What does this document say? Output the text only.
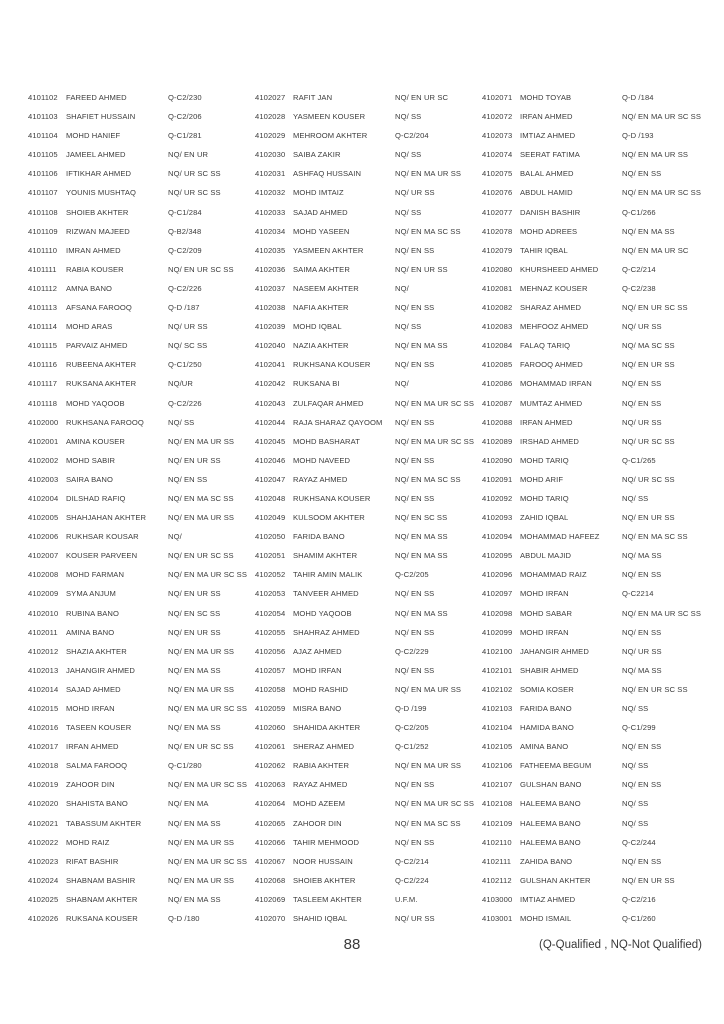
4101102	FAREED AHMED	Q-C2/230
4101103	SHAFIET HUSSAIN	Q-C2/206
4101104	MOHD HANIEF	Q-C1/281
4101105	JAMEEL AHMED	NQ/ EN UR
4101106	IFTIKHAR AHMED	NQ/ UR SC SS
4101107	YOUNIS MUSHTAQ	NQ/ UR SC SS
4101108	SHOIEB AKHTER	Q-C1/284
4101109	RIZWAN MAJEED	Q-B2/348
4101110	IMRAN AHMED	Q-C2/209
4101111	RABIA KOUSER	NQ/ EN UR SC SS
4101112	AMNA BANO	Q-C2/226
4101113	AFSANA FAROOQ	Q-D /187
4101114	MOHD ARAS	NQ/ UR SS
4101115	PARVAIZ AHMED	NQ/ SC SS
4101116	RUBEENA AKHTER	Q-C1/250
4101117	RUKSANA AKHTER	NQ/UR
4101118	MOHD YAQOOB	Q-C2/226
4102000	RUKHSANA FAROOQ	NQ/ SS
4102001	AMINA KOUSER	NQ/ EN MA UR SS
4102002	MOHD SABIR	NQ/ EN UR SS
4102003	SAIRA BANO	NQ/ EN SS
4102004	DILSHAD RAFIQ	NQ/ EN MA SC SS
4102005	SHAHJAHAN AKHTER	NQ/ EN MA UR SS
4102006	RUKHSAR KOUSAR	NQ/
4102007	KOUSER PARVEEN	NQ/ EN UR SC SS
4102008	MOHD FARMAN	NQ/ EN MA UR SC SS
4102009	SYMA ANJUM	NQ/ EN UR SS
4102010	RUBINA BANO	NQ/ EN SC SS
4102011	AMINA BANO	NQ/ EN UR SS
4102012	SHAZIA AKHTER	NQ/ EN MA UR SS
4102013	JAHANGIR AHMED	NQ/ EN MA SS
4102014	SAJAD AHMED	NQ/ EN MA UR SS
4102015	MOHD IRFAN	NQ/ EN MA UR SC SS
4102016	TASEEN KOUSER	NQ/ EN MA SS
4102017	IRFAN AHMED	NQ/ EN UR SC SS
4102018	SALMA FAROOQ	Q-C1/280
4102019	ZAHOOR DIN	NQ/ EN MA UR SC SS
4102020	SHAHISTA BANO	NQ/ EN MA
4102021	TABASSUM AKHTER	NQ/ EN MA SS
4102022	MOHD RAIZ	NQ/ EN MA UR SS
4102023	RIFAT BASHIR	NQ/ EN MA UR SC SS
4102024	SHABNAM BASHIR	NQ/ EN MA UR SS
4102025	SHABNAM AKHTER	NQ/ EN MA SS
4102026	RUKSANA KOUSER	Q-D /180
4102027	RAFIT JAN	NQ/ EN UR SC
4102028	YASMEEN KOUSER	NQ/ SS
4102029	MEHROOM AKHTER	Q-C2/204
4102030	SAIBA ZAKIR	NQ/ SS
4102031	ASHFAQ HUSSAIN	NQ/ EN MA UR SS
4102032	MOHD IMTAIZ	NQ/ UR SS
4102033	SAJAD AHMED	NQ/ SS
4102034	MOHD YASEEN	NQ/ EN MA SC SS
4102035	YASMEEN AKHTER	NQ/ EN SS
4102036	SAIMA AKHTER	NQ/ EN UR SS
4102037	NASEEM AKHTER	NQ/
4102038	NAFIA AKHTER	NQ/ EN SS
4102039	MOHD IQBAL	NQ/ SS
4102040	NAZIA AKHTER	NQ/ EN MA SS
4102041	RUKHSANA KOUSER	NQ/ EN SS
4102042	RUKSANA BI	NQ/
4102043	ZULFAQAR AHMED	NQ/ EN MA UR SC SS
4102044	RAJA SHARAZ QAYOOM	NQ/ EN SS
4102045	MOHD BASHARAT	NQ/ EN MA UR SC SS
4102046	MOHD NAVEED	NQ/ EN SS
4102047	RAYAZ AHMED	NQ/ EN MA SC SS
4102048	RUKHSANA KOUSER	NQ/ EN SS
4102049	KULSOOM AKHTER	NQ/ EN SC SS
4102050	FARIDA BANO	NQ/ EN MA SS
4102051	SHAMIM AKHTER	NQ/ EN MA SS
4102052	TAHIR AMIN MALIK	Q-C2/205
4102053	TANVEER AHMED	NQ/ EN SS
4102054	MOHD YAQOOB	NQ/ EN MA SS
4102055	SHAHRAZ AHMED	NQ/ EN SS
4102056	AJAZ AHMED	Q-C2/229
4102057	MOHD IRFAN	NQ/ EN SS
4102058	MOHD RASHID	NQ/ EN MA UR SS
4102059	MISRA BANO	Q-D /199
4102060	SHAHIDA AKHTER	Q-C2/205
4102061	SHERAZ AHMED	Q-C1/252
4102062	RABIA AKHTER	NQ/ EN MA UR SS
4102063	RAYAZ AHMED	NQ/ EN SS
4102064	MOHD AZEEM	NQ/ EN MA UR SC SS
4102065	ZAHOOR DIN	NQ/ EN MA SC SS
4102066	TAHIR MEHMOOD	NQ/ EN SS
4102067	NOOR HUSSAIN	Q-C2/214
4102068	SHOIEB AKHTER	Q-C2/224
4102069	TASLEEM AKHTER	U.F.M.
4102070	SHAHID IQBAL	NQ/ UR SS
4102071	MOHD TOYAB	Q-D /184
4102072	IRFAN AHMED	NQ/ EN MA UR SC SS
4102073	IMTIAZ AHMED	Q-D /193
4102074	SEERAT FATIMA	NQ/ EN MA UR SS
4102075	BALAL AHMED	NQ/ EN SS
4102076	ABDUL HAMID	NQ/ EN MA UR SC SS
4102077	DANISH BASHIR	Q-C1/266
4102078	MOHD ADREES	NQ/ EN MA SS
4102079	TAHIR IQBAL	NQ/ EN MA UR SC
4102080	KHURSHEED AHMED	Q-C2/214
4102081	MEHNAZ KOUSER	Q-C2/238
4102082	SHARAZ AHMED	NQ/ EN UR SC SS
4102083	MEHFOOZ AHMED	NQ/ UR SS
4102084	FALAQ TARIQ	NQ/ MA SC SS
4102085	FAROOQ AHMED	NQ/ EN UR SS
4102086	MOHAMMAD IRFAN	NQ/ EN SS
4102087	MUMTAZ AHMED	NQ/ EN SS
4102088	IRFAN AHMED	NQ/ UR SS
4102089	IRSHAD AHMED	NQ/ UR SC SS
4102090	MOHD TARIQ	Q-C1/265
4102091	MOHD ARIF	NQ/ UR SC SS
4102092	MOHD TARIQ	NQ/ SS
4102093	ZAHID IQBAL	NQ/ EN UR SS
4102094	MOHAMMAD HAFEEZ	NQ/ EN MA SC SS
4102095	ABDUL MAJID	NQ/ MA SS
4102096	MOHAMMAD RAIZ	NQ/ EN SS
4102097	MOHD IRFAN	Q-C2214
4102098	MOHD SABAR	NQ/ EN MA UR SC SS
4102099	MOHD IRFAN	NQ/ EN SS
4102100	JAHANGIR AHMED	NQ/ UR SS
4102101	SHABIR AHMED	NQ/ MA SS
4102102	SOMIA KOSER	NQ/ EN UR SC SS
4102103	FARIDA BANO	NQ/ SS
4102104	HAMIDA BANO	Q-C1/299
4102105	AMINA BANO	NQ/ EN SS
4102106	FATHEEMA BEGUM	NQ/ SS
4102107	GULSHAN BANO	NQ/ EN SS
4102108	HALEEMA BANO	NQ/ SS
4102109	HALEEMA BANO	NQ/ SS
4102110	HALEEMA BANO	Q-C2/244
4102111	ZAHIDA BANO	NQ/ EN SS
4102112	GULSHAN AKHTER	NQ/ EN UR SS
4103000	IMTIAZ AHMED	Q-C2/216
4103001	MOHD ISMAIL	Q-C1/260
88	(Q-Qualified , NQ-Not Qualified)
